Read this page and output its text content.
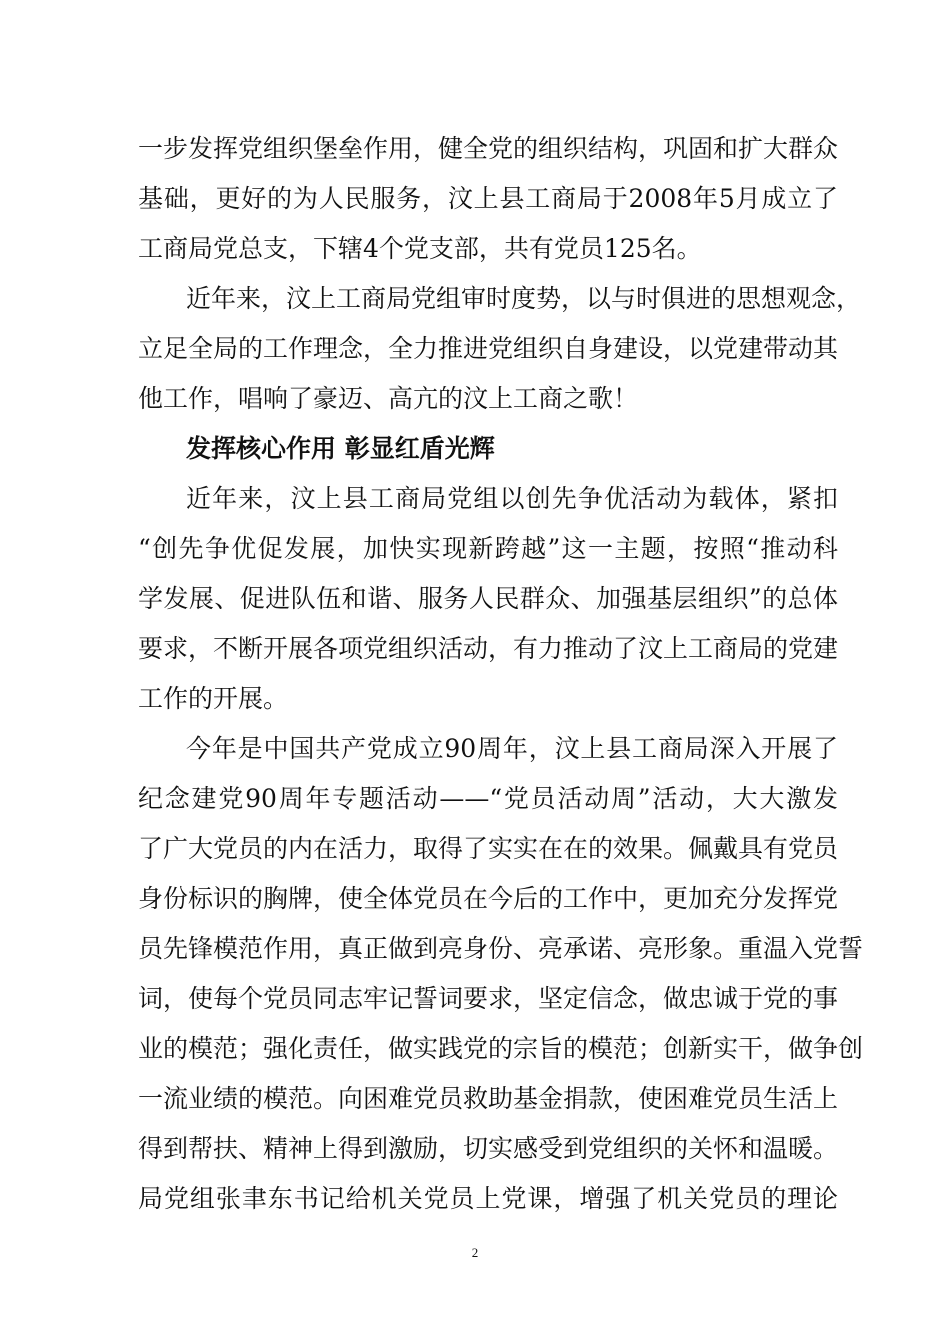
一步发挥党组织堡垒作用，健全党的组织结构，巩固和扩大群众
基础，更好的为人民服务，汶上县工商局于2008年5月成立了
工商局党总支，下辖4个党支部，共有党员125名。
近年来，汶上工商局党组审时度势，以与时俱进的思想观念，
立足全局的工作理念，全力推进党组织自身建设，以党建带动其
他工作，唱响了豪迈、高亢的汶上工商之歌！
发挥核心作用 彰显红盾光辉
近年来，汶上县工商局党组以创先争优活动为载体，紧扣
“创先争优促发展，加快实现新跨越”这一主题，按照“推动科
学发展、促进队伍和谐、服务人民群众、加强基层组织”的总体
要求，不断开展各项党组织活动，有力推动了汶上工商局的党建
工作的开展。
今年是中国共产党成立90周年，汶上县工商局深入开展了
纪念建党90周年专题活动——“党员活动周”活动，大大激发
了广大党员的内在活力，取得了实实在在的效果。佩戴具有党员
身份标识的胸牌，使全体党员在今后的工作中，更加充分发挥党
员先锋模范作用，真正做到亮身份、亮承诺、亮形象。重温入党誓
词，使每个党员同志牢记誓词要求，坚定信念，做忠诚于党的事
业的模范；强化责任，做实践党的宗旨的模范；创新实干，做争创
一流业绩的模范。向困难党员救助基金捐款，使困难党员生活上
得到帮扶、精神上得到激励，切实感受到党组织的关怀和温暖。
局党组张聿东书记给机关党员上党课，增强了机关党员的理论
2
